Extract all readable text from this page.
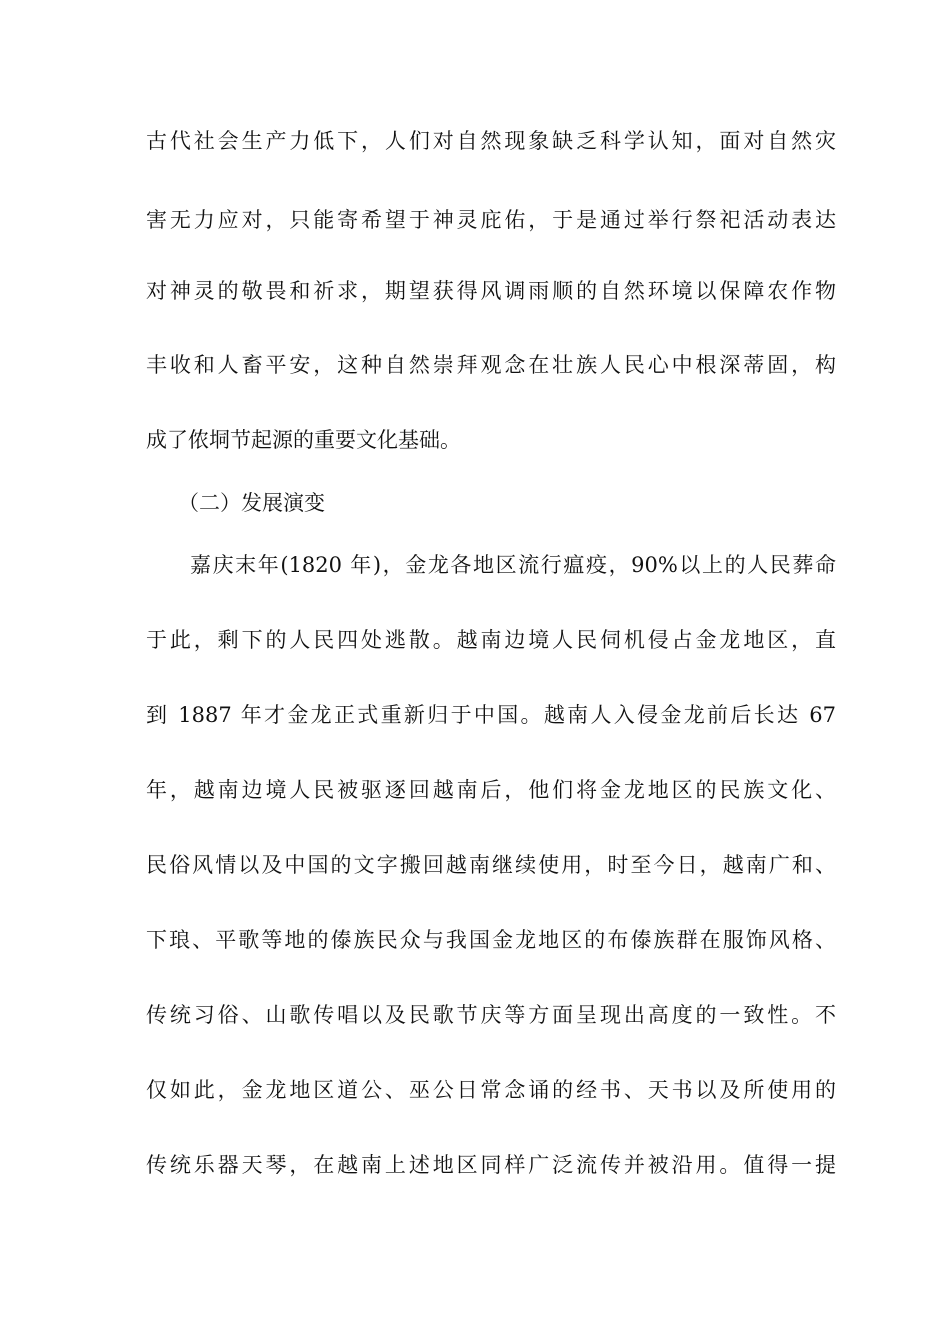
古代社会生产力低下，人们对自然现象缺乏科学认知，面对自然灾
害无力应对，只能寄希望于神灵庇佑，于是通过举行祭祀活动表达
对神灵的敬畏和祈求，期望获得风调雨顺的自然环境以保障农作物
丰收和人畜平安，这种自然崇拜观念在壮族人民心中根深蒂固，构
成了侬垌节起源的重要文化基础。
（二）发展演变
嘉庆末年(1820 年)，金龙各地区流行瘟疫，90%以上的人民葬命
于此，剩下的人民四处逃散。越南边境人民伺机侵占金龙地区，直
到 1887 年才金龙正式重新归于中国。越南人入侵金龙前后长达 67
年，越南边境人民被驱逐回越南后，他们将金龙地区的民族文化、
民俗风情以及中国的文字搬回越南继续使用，时至今日，越南广和、
下琅、平歌等地的傣族民众与我国金龙地区的布傣族群在服饰风格、
传统习俗、山歌传唱以及民歌节庆等方面呈现出高度的一致性。不
仅如此，金龙地区道公、巫公日常念诵的经书、天书以及所使用的
传统乐器天琴，在越南上述地区同样广泛流传并被沿用。值得一提
